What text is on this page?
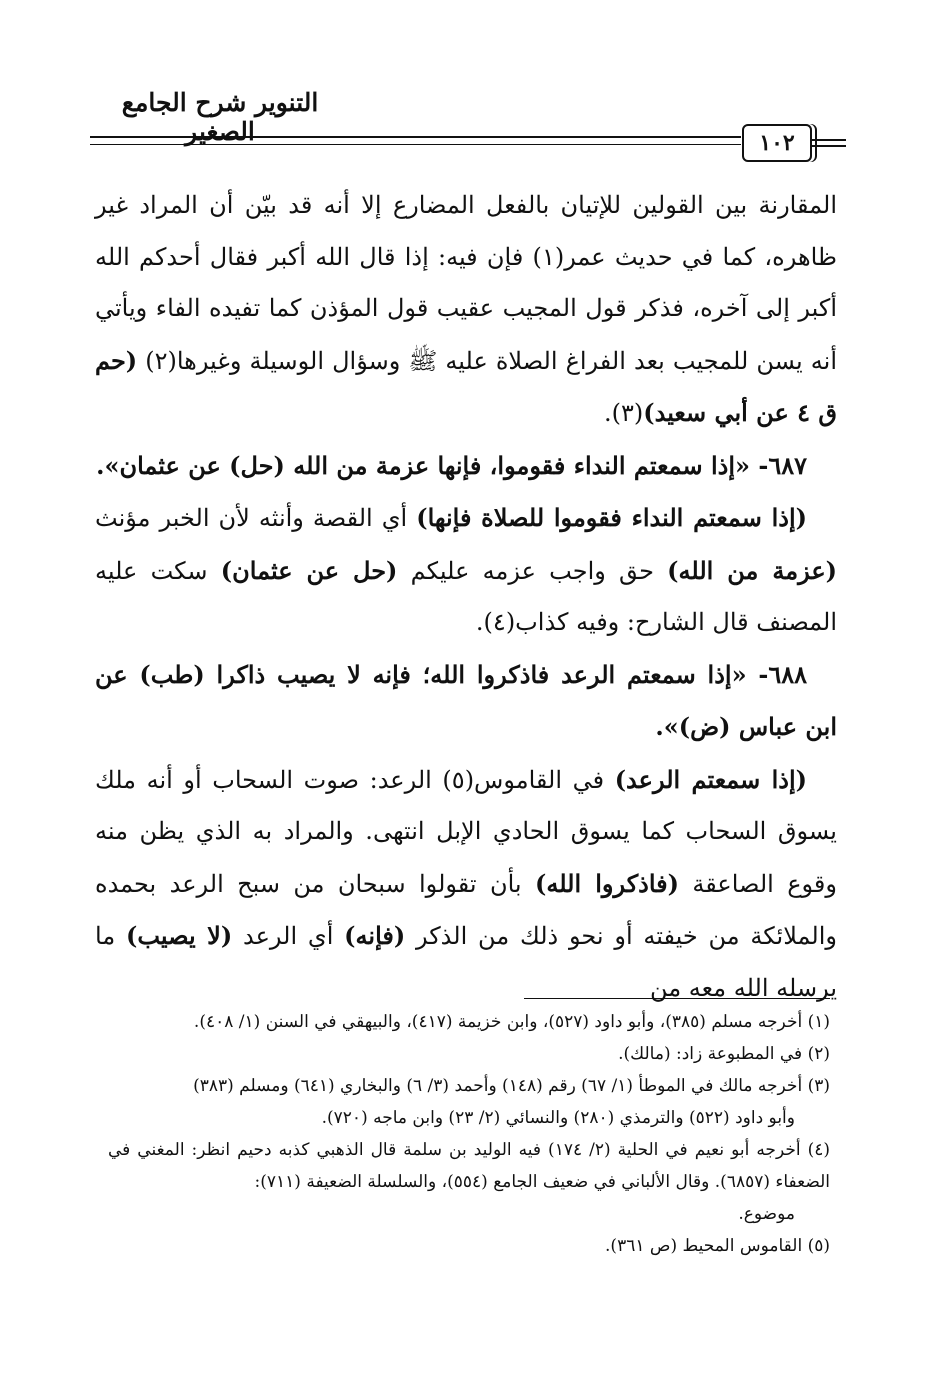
التنوير شرح الجامع الصغير	١٠٢

المقارنة بين القولين للإتيان بالفعل المضارع إلا أنه قد بيّن أن المراد غير ظاهره، كما في حديث عمر(١) فإن فيه: إذا قال الله أكبر فقال أحدكم الله أكبر إلى آخره، فذكر قول المجيب عقيب قول المؤذن كما تفيده الفاء ويأتي أنه يسن للمجيب بعد الفراغ الصلاة عليه ﷺ وسؤال الوسيلة وغيرها(٢) (حم ق ٤ عن أبي سعيد)(٣).

٦٨٧- «إذا سمعتم النداء فقوموا، فإنها عزمة من الله (حل) عن عثمان».

(إذا سمعتم النداء فقوموا للصلاة فإنها) أي القصة وأنثه لأن الخبر مؤنث (عزمة من الله) حق واجب عزمه عليكم (حل عن عثمان) سكت عليه المصنف قال الشارح: وفيه كذاب(٤).

٦٨٨- «إذا سمعتم الرعد فاذكروا الله؛ فإنه لا يصيب ذاكرا (طب) عن ابن عباس (ض)».

(إذا سمعتم الرعد) في القاموس(٥) الرعد: صوت السحاب أو أنه ملك يسوق السحاب كما يسوق الحادي الإبل انتهى. والمراد به الذي يظن منه وقوع الصاعقة (فاذكروا الله) بأن تقولوا سبحان من سبح الرعد بحمده والملائكة من خيفته أو نحو ذلك من الذكر (فإنه) أي الرعد (لا يصيب) ما يرسله الله معه من

(١) أخرجه مسلم (٣٨٥)، وأبو داود (٥٢٧)، وابن خزيمة (٤١٧)، والبيهقي في السنن (١/ ٤٠٨).

(٢) في المطبوعة زاد: (مالك).

(٣) أخرجه مالك في الموطأ (١/ ٦٧) رقم (١٤٨) وأحمد (٣/ ٦) والبخاري (٦٤١) ومسلم (٣٨٣)

وأبو داود (٥٢٢) والترمذي (٢٨٠) والنسائي (٢/ ٢٣) وابن ماجه (٧٢٠).

(٤) أخرجه أبو نعيم في الحلية (٢/ ١٧٤) فيه الوليد بن سلمة قال الذهبي كذبه دحيم انظر: المغني في الضعفاء (٦٨٥٧). وقال الألباني في ضعيف الجامع (٥٥٤)، والسلسلة الضعيفة (٧١١):

موضوع.

(٥) القاموس المحيط (ص ٣٦١).
